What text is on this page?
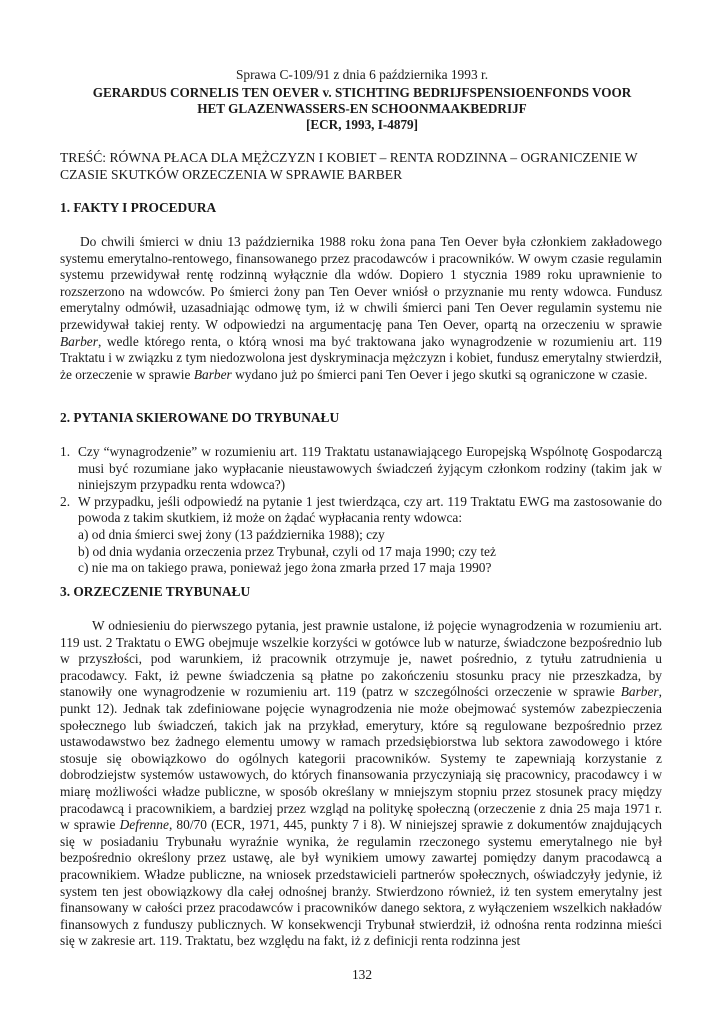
Sprawa C-109/91 z dnia 6 października 1993 r.
GERARDUS CORNELIS TEN OEVER v. STICHTING BEDRIJFSPENSIOENFONDS VOOR
HET GLAZENWASSERS-EN SCHOONMAAKBEDRIJF
[ECR, 1993, I-4879]
TREŚĆ: RÓWNA PŁACA DLA MĘŻCZYZN I KOBIET – RENTA RODZINNA – OGRANICZENIE W
CZASIE SKUTKÓW ORZECZENIA W SPRAWIE BARBER
1. FAKTY I PROCEDURA

Do chwili śmierci w dniu 13 października 1988 roku żona pana Ten Oever była członkiem zakładowego systemu emerytalno-rentowego, finansowanego przez pracodawców i pracowników. W owym czasie regulamin systemu przewidywał rentę rodzinną wyłącznie dla wdów. Dopiero 1 stycznia 1989 roku uprawnienie to rozszerzono na wdowców. Po śmierci żony pan Ten Oever wniósł o przyznanie mu renty wdowca. Fundusz emerytalny odmówił, uzasadniając odmowę tym, iż w chwili śmierci pani Ten Oever regulamin systemu nie przewidywał takiej renty. W odpowiedzi na argumentację pana Ten Oever, opartą na orzeczeniu w sprawie Barber, wedle którego renta, o którą wnosi ma być traktowana jako wynagrodzenie w rozumieniu art. 119 Traktatu i w związku z tym niedozwolona jest dyskryminacja mężczyzn i kobiet, fundusz emerytalny stwierdził, że orzeczenie w sprawie Barber wydano już po śmierci pani Ten Oever i jego skutki są ograniczone w czasie.

2. PYTANIA SKIEROWANE DO TRYBUNAŁU
1. Czy “wynagrodzenie” w rozumieniu art. 119 Traktatu ustanawiającego Europejską Wspólnotę Gospodarczą musi być rozumiane jako wypłacanie nieustawowych świadczeń żyjącym członkom rodziny (takim jak w niniejszym przypadku renta wdowca?)
2. W przypadku, jeśli odpowiedź na pytanie 1 jest twierdząca, czy art. 119 Traktatu EWG ma zastosowanie do powoda z takim skutkiem, iż może on żądać wypłacania renty wdowca:
a) od dnia śmierci swej żony (13 października 1988); czy
b) od dnia wydania orzeczenia przez Trybunał, czyli od 17 maja 1990; czy też
c) nie ma on takiego prawa, ponieważ jego żona zmarła przed 17 maja 1990?
3. ORZECZENIE TRYBUNAŁU

W odniesieniu do pierwszego pytania, jest prawnie ustalone, iż pojęcie wynagrodzenia w rozumieniu art. 119 ust. 2 Traktatu o EWG obejmuje wszelkie korzyści w gotówce lub w naturze, świadczone bezpośrednio lub w przyszłości, pod warunkiem, iż pracownik otrzymuje je, nawet pośrednio, z tytułu zatrudnienia u pracodawcy. Fakt, iż pewne świadczenia są płatne po zakończeniu stosunku pracy nie przeszkadza, by stanowiły one wynagrodzenie w rozumieniu art. 119 (patrz w szczególności orzeczenie w sprawie Barber, punkt 12). Jednak tak zdefiniowane pojęcie wynagrodzenia nie może obejmować systemów zabezpieczenia społecznego lub świadczeń, takich jak na przykład, emerytury, które są regulowane bezpośrednio przez ustawodawstwo bez żadnego elementu umowy w ramach przedsiębiorstwa lub sektora zawodowego i które stosuje się obowiązkowo do ogólnych kategorii pracowników. Systemy te zapewniają korzystanie z dobrodziejstw systemów ustawowych, do których finansowania przyczyniają się pracownicy, pracodawcy i w miarę możliwości władze publiczne, w sposób określany w mniejszym stopniu przez stosunek pracy między pracodawcą i pracownikiem, a bardziej przez wzgląd na politykę społeczną (orzeczenie z dnia 25 maja 1971 r. w sprawie Defrenne, 80/70 (ECR, 1971, 445, punkty 7 i 8). W niniejszej sprawie z dokumentów znajdujących się w posiadaniu Trybunału wyraźnie wynika, że regulamin rzeczonego systemu emerytalnego nie był bezpośrednio określony przez ustawę, ale był wynikiem umowy zawartej pomiędzy danym pracodawcą a pracownikiem. Władze publiczne, na wniosek przedstawicieli partnerów społecznych, oświadczyły jedynie, iż system ten jest obowiązkowy dla całej odnośnej branży. Stwierdzono również, iż ten system emerytalny jest finansowany w całości przez pracodawców i pracowników danego sektora, z wyłączeniem wszelkich nakładów finansowych z funduszy publicznych. W konsekwencji Trybunał stwierdził, iż odnośna renta rodzinna mieści się w zakresie art. 119. Traktatu, bez względu na fakt, iż z definicji renta rodzinna jest

132
